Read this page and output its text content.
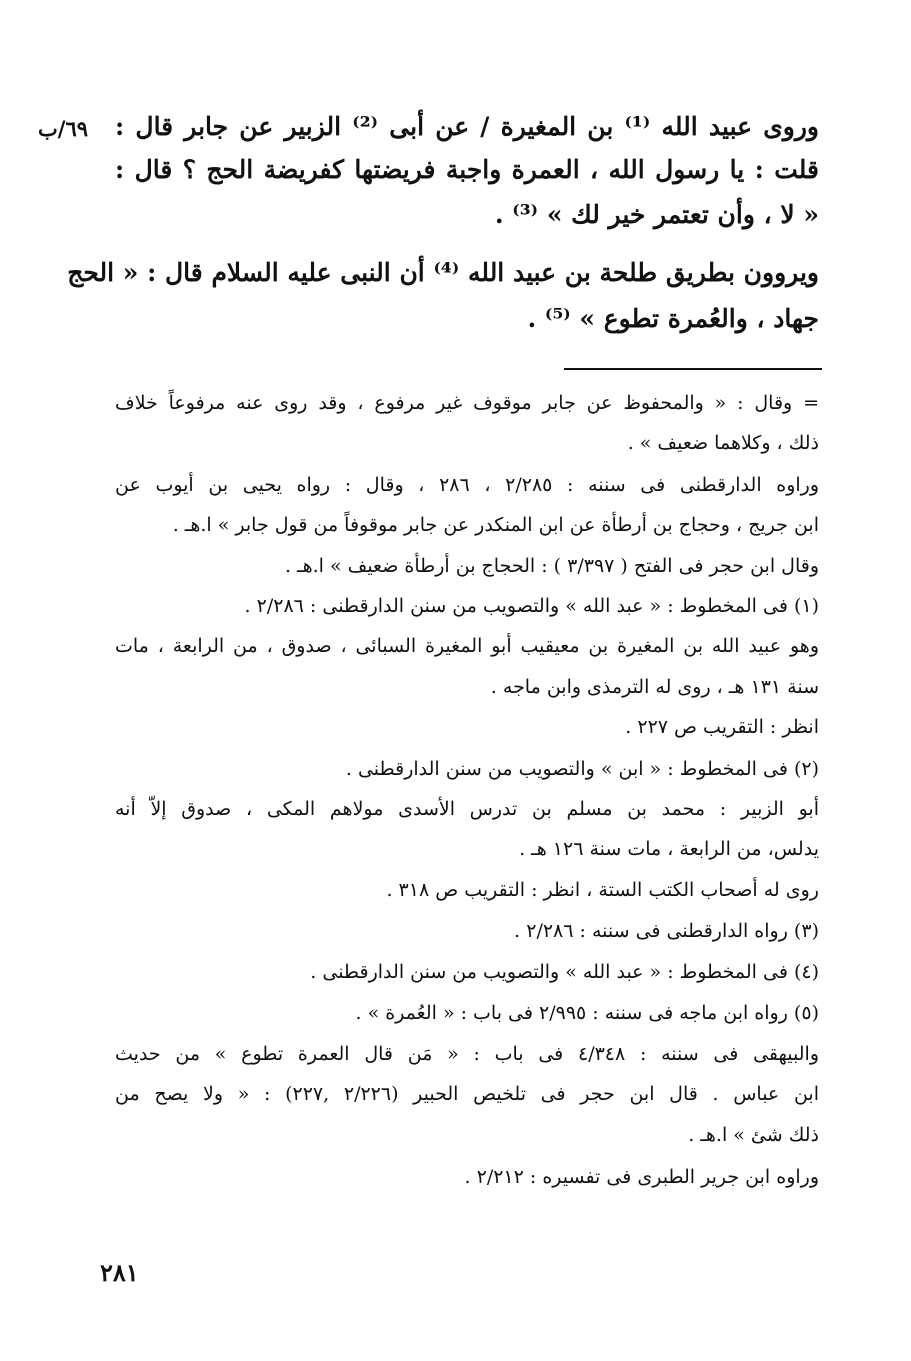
٦٩/ب وروى عبيد الله ⁽¹⁾ بن المغيرة / عن أبى ⁽²⁾ الزبير عن جابر قال :
قلت : يا رسول الله ، العمرة واجبة فريضتها كفريضة الحج ؟ قال :
« لا ، وأن تعتمر خير لك » ⁽³⁾ .
ويروون بطريق طلحة بن عبيد الله ⁽⁴⁾ أن النبى عليه السلام قال : « الحج
جهاد ، والعُمرة تطوع » ⁽⁵⁾ .
= وقال : « والمحفوظ عن جابر موقوف غير مرفوع ، وقد روى عنه مرفوعاً خلاف
ذلك ، وكلاهما ضعيف » .
وراوه الدارقطنى فى سننه : ٢/٢٨٥ ، ٢٨٦ ، وقال : رواه يحيى بن أيوب عن
ابن جريج ، وحجاج بن أرطأة عن ابن المنكدر عن جابر موقوفاً من قول جابر » ا.هـ .
وقال ابن حجر فى الفتح ( ٣/٣٩٧ ) : الحجاج بن أرطأة ضعيف » ا.هـ .
(١) فى المخطوط : « عبد الله » والتصويب من سنن الدارقطنى : ٢/٢٨٦ .
وهو عبيد الله بن المغيرة بن معيقيب أبو المغيرة السبائى ، صدوق ، من الرابعة ، مات
سنة ١٣١ هـ ، روى له الترمذى وابن ماجه .
انظر : التقريب ص ٢٢٧ .
(٢) فى المخطوط : « ابن » والتصويب من سنن الدارقطنى .
أبو الزبير : محمد بن مسلم بن تدرس الأسدى مولاهم المكى ، صدوق إلاّ أنه
يدلس، من الرابعة ، مات سنة ١٢٦ هـ .
روى له أصحاب الكتب الستة ، انظر : التقريب ص ٣١٨ .
(٣) رواه الدارقطنى فى سننه : ٢/٢٨٦ .
(٤) فى المخطوط : « عبد الله » والتصويب من سنن الدارقطنى .
(٥) رواه ابن ماجه فى سننه : ٢/٩٩٥ فى باب : « العُمرة » .
والبيهقى فى سننه : ٤/٣٤٨ فى باب : « مَن قال العمرة تطوع » من حديث
ابن عباس . قال ابن حجر فى تلخيص الحبير (٢/٢٢٦ ,٢٢٧) : « ولا يصح من
ذلك شئ » ا.هـ .
وراوه ابن جرير الطبرى فى تفسيره : ٢/٢١٢ .
٢٨١
